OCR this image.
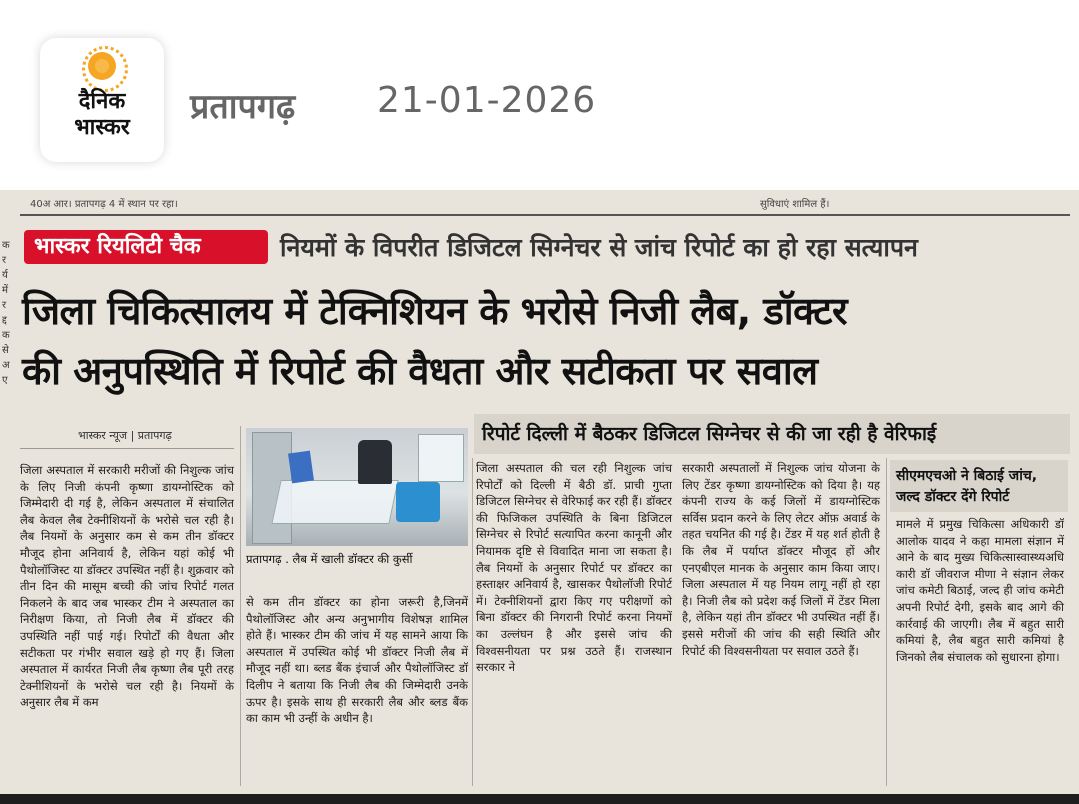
दैनिक
भास्कर
प्रतापगढ़ 21-01-2026
40अ आर। प्रतापगढ़ 4 में स्थान पर रहा।	सुविधाएं शामिल हैं।
क
र
र्य
में
र
द्द
क
से
अ
ए
भास्कर रियलिटी चैक	नियमों के विपरीत डिजिटल सिग्नेचर से जांच रिपोर्ट का हो रहा सत्यापन
जिला चिकित्सालय में टेक्निशियन के भरोसे निजी लैब, डॉक्टर
की अनुपस्थिति में रिपोर्ट की वैधता और सटीकता पर सवाल
रिपोर्ट दिल्ली में बैठकर डिजिटल सिग्नेचर से की जा रही है वेरिफाई
भास्कर न्यूज | प्रतापगढ़
प्रतापगढ़ . लैब में खाली डॉक्टर की कुर्सी

जिला अस्पताल में सरकारी मरीजों की निशुल्क जांच के लिए निजी कंपनी कृष्णा डायग्नोस्टिक को जिम्मेदारी दी गई है, लेकिन अस्पताल में संचालित लैब केवल लैब टेक्नीशियनों के भरोसे चल रही है। लैब नियमों के अनुसार कम से कम तीन डॉक्टर मौजूद होना अनिवार्य है, लेकिन यहां कोई भी पैथोलॉजिस्ट या डॉक्टर उपस्थित नहीं है। शुक्रवार को तीन दिन की मासूम बच्ची की जांच रिपोर्ट गलत निकलने के बाद जब भास्कर टीम ने अस्पताल का निरीक्षण किया, तो निजी लैब में डॉक्टर की उपस्थिति नहीं पाई गई। रिपोर्टों की वैधता और सटीकता पर गंभीर सवाल खड़े हो गए हैं। जिला अस्पताल में कार्यरत निजी लैब कृष्णा लैब पूरी तरह टेक्नीशियनों के भरोसे चल रही है। नियमों के अनुसार लैब में कम

से कम तीन डॉक्टर का होना जरूरी है,जिनमें पैथोलॉजिस्ट और अन्य अनुभागीय विशेषज्ञ शामिल होते हैं। भास्कर टीम की जांच में यह सामने आया कि अस्पताल में उपस्थित कोई भी डॉक्टर निजी लैब में मौजूद नहीं था। ब्लड बैंक इंचार्ज और पैथोलॉजिस्ट डॉ दिलीप ने बताया कि निजी लैब की जिम्मेदारी उनके ऊपर है। इसके साथ ही सरकारी लैब और ब्लड बैंक का काम भी उन्हीं के अधीन है।

जिला अस्पताल की चल रही निशुल्क जांच रिपोर्टों को दिल्ली में बैठी डॉ. प्राची गुप्ता डिजिटल सिग्नेचर से वेरिफाई कर रही हैं। डॉक्टर की फिजिकल उपस्थिति के बिना डिजिटल सिग्नेचर से रिपोर्ट सत्यापित करना कानूनी और नियामक दृष्टि से विवादित माना जा सकता है। लैब नियमों के अनुसार रिपोर्ट पर डॉक्टर का हस्ताक्षर अनिवार्य है, खासकर पैथोलॉजी रिपोर्ट में। टेक्नीशियनों द्वारा किए गए परीक्षणों को बिना डॉक्टर की निगरानी रिपोर्ट करना नियमों का उल्लंघन है और इससे जांच की विश्वसनीयता पर प्रश्न उठते हैं। राजस्थान सरकार ने

सरकारी अस्पतालों में निशुल्क जांच योजना के लिए टेंडर कृष्णा डायग्नोस्टिक को दिया है। यह कंपनी राज्य के कई जिलों में डायग्नोस्टिक सर्विस प्रदान करने के लिए लेटर ऑफ़ अवार्ड के तहत चयनित की गई है। टेंडर में यह शर्त होती है कि लैब में पर्याप्त डॉक्टर मौजूद हों और एनएबीएल मानक के अनुसार काम किया जाए। जिला अस्पताल में यह नियम लागू नहीं हो रहा है। निजी लैब को प्रदेश कई जिलों में टेंडर मिला है, लेकिन यहां तीन डॉक्टर भी उपस्थित नहीं हैं। इससे मरीजों की जांच की सही स्थिति और रिपोर्ट की विश्वसनीयता पर सवाल उठते हैं।

सीएमएचओ ने बिठाई जांच,
जल्द डॉक्टर देंगे रिपोर्ट

मामले में प्रमुख चिकित्सा अधिकारी डॉ आलोक यादव ने कहा मामला संज्ञान में आने के बाद मुख्य चिकित्सास्वास्थ्यअधि कारी डॉ जीवराज मीणा ने संज्ञान लेकर जांच कमेटी बिठाई, जल्द ही जांच कमेटी अपनी रिपोर्ट देगी, इसके बाद आगे की कार्रवाई की जाएगी। लैब में बहुत सारी कमियां है, लैब बहुत सारी कमियां है जिनको लैब संचालक को सुधारना होगा।
